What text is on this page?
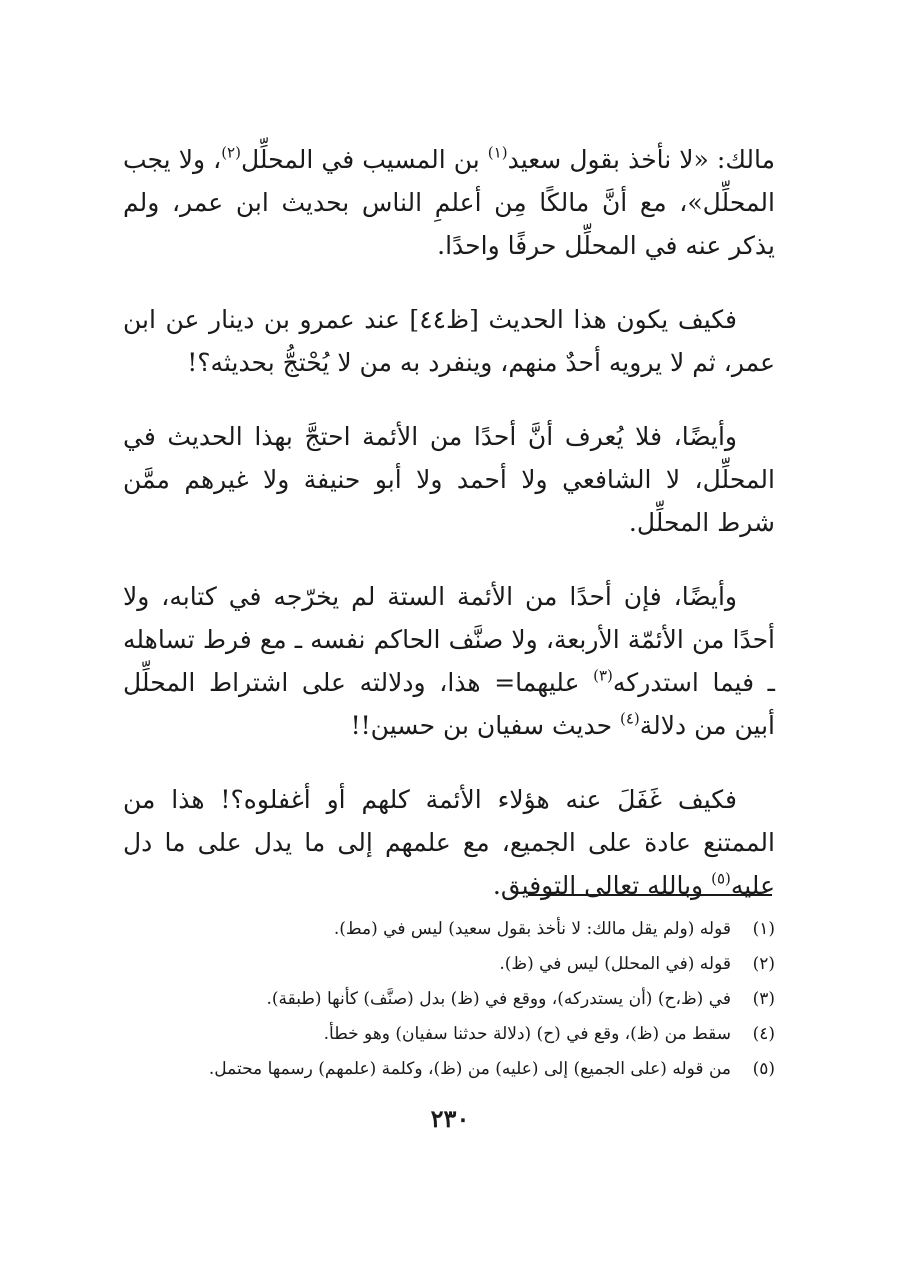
مالك: «لا نأخذ بقول سعيد$^{(١)}$ بن المسيب في المحلِّل$^{(٢)}$، ولا يجب المحلِّل»، مع أنَّ مالكًا مِن أعلمِ الناس بحديث ابن عمر، ولم يذكر عنه في المحلِّل حرفًا واحدًا.

فكيف يكون هذا الحديث [ظ٤٤] عند عمرو بن دينار عن ابن عمر، ثم لا يرويه أحدٌ منهم، وينفرد به من لا يُحْتجُّ بحديثه؟!

وأيضًا، فلا يُعرف أنَّ أحدًا من الأئمة احتجَّ بهذا الحديث في المحلِّل، لا الشافعي ولا أحمد ولا أبو حنيفة ولا غيرهم ممَّن شرط المحلِّل.

وأيضًا، فإن أحدًا من الأئمة الستة لم يخرّجه في كتابه، ولا أحدًا من الأئمّة الأربعة، ولا صنَّف الحاكم نفسه ـ مع فرط تساهله ـ فيما استدركه$^{(٣)}$ عليهما= هذا، ودلالته على اشتراط المحلِّل أبين من دلالة$^{(٤)}$ حديث سفيان بن حسين!!

فكيف غَفَلَ عنه هؤلاء الأئمة كلهم أو أغفلوه؟! هذا من الممتنع عادة على الجميع، مع علمهم إلى ما يدل على ما دل عليه$^{(٥)}$ وبالله تعالى التوفيق.

(١)
قوله (ولم يقل مالك: لا نأخذ بقول سعيد) ليس في (مط).
(٢)
قوله (في المحلل) ليس في (ظ).
(٣)
في (ظ،ح) (أن يستدركه)، ووقع في (ظ) بدل (صنَّف) كأنها (طبقة).
(٤)
سقط من (ظ)، وقع في (ح) (دلالة حدثنا سفيان) وهو خطأ.
(٥)
من قوله (على الجميع) إلى (عليه) من (ظ)، وكلمة (علمهم) رسمها محتمل.
٢٣٠
